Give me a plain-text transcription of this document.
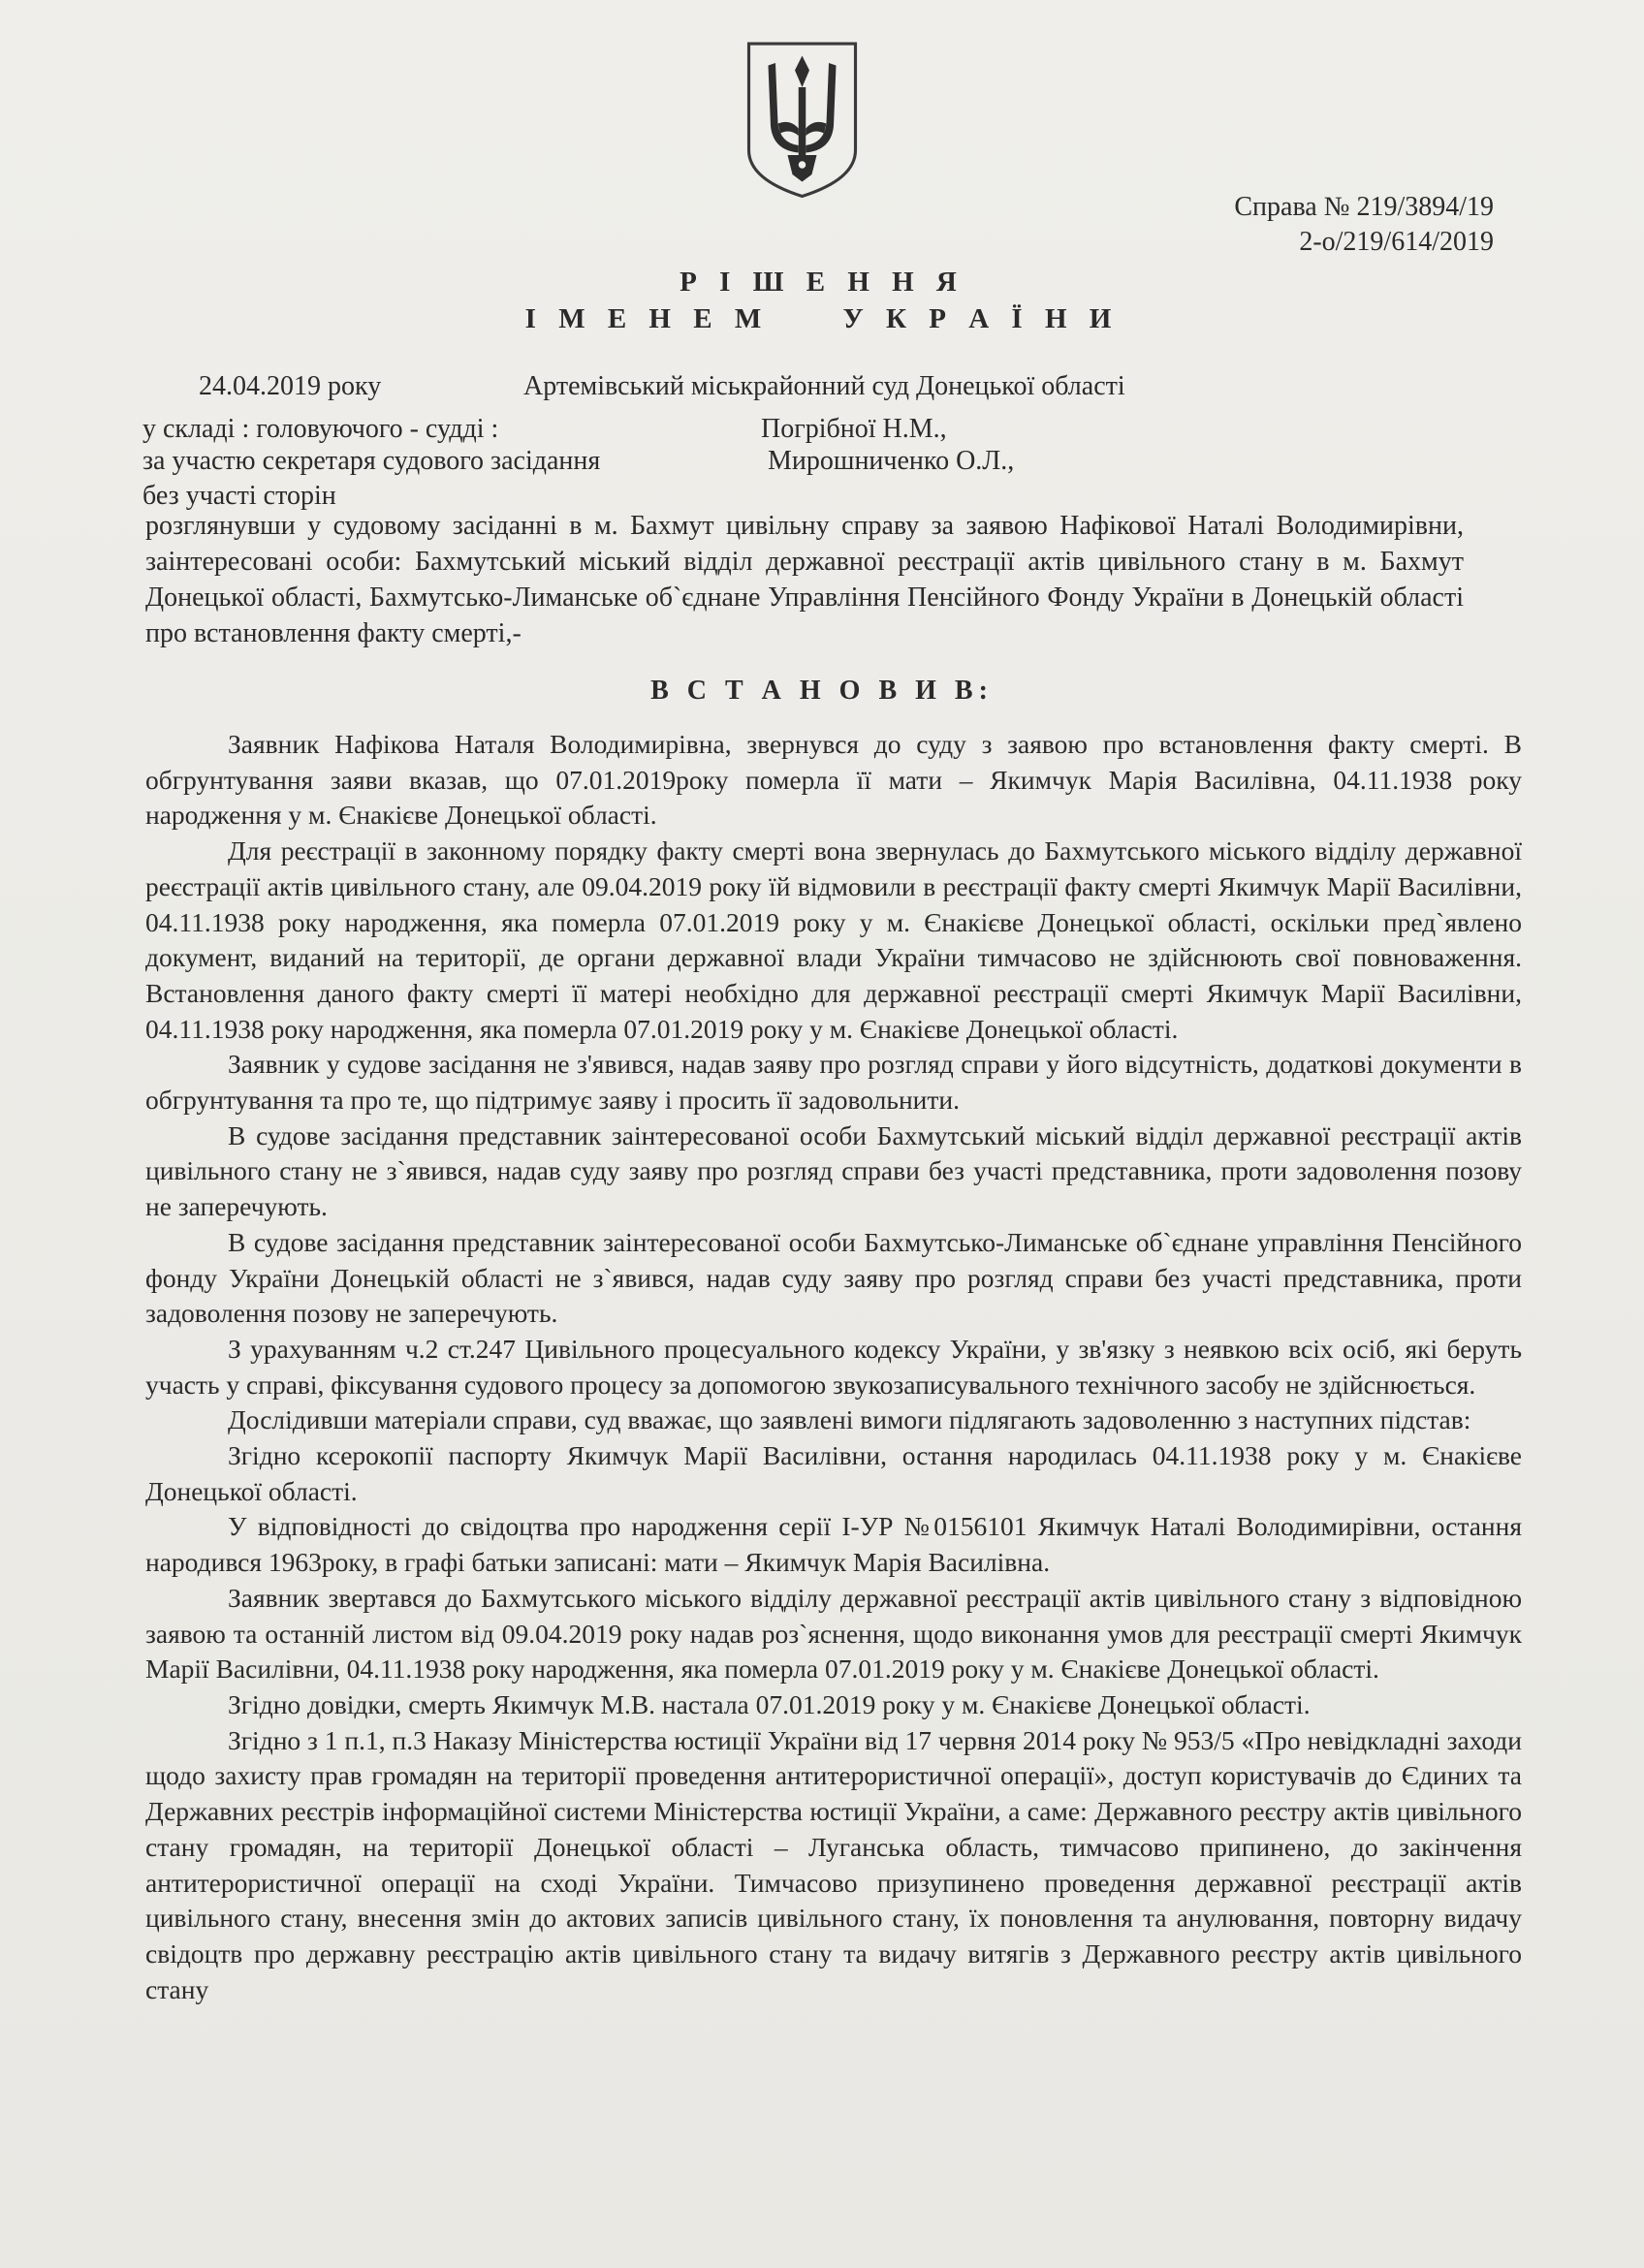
Справа № 219/3894/19
2-о/219/614/2019
Р І Ш Е Н Н Я
І М Е Н Е М     У К Р А Ї Н И
24.04.2019 року	Артемівський міськрайонний суд Донецької області
у складі : головуючого - судді :	Погрібної Н.М.,
за участю секретаря судового засідання	Мирошниченко О.Л.,
без участі сторін
розглянувши у судовому засіданні в м. Бахмут цивільну справу за заявою Нафікової Наталі Володимирівни, заінтересовані особи: Бахмутський міський відділ державної реєстрації актів цивільного стану в м. Бахмут Донецької області, Бахмутсько-Лиманське об`єднане Управління Пенсійного Фонду України в Донецькій області про встановлення факту смерті,-
В С Т А Н О В И В:

Заявник Нафікова Наталя Володимирівна, звернувся до суду з заявою про встановлення факту смерті. В обгрунтування заяви вказав, що 07.01.2019року померла її мати – Якимчук Марія Василівна, 04.11.1938 року народження у м. Єнакієве Донецької області.

Для реєстрації в законному порядку факту смерті вона звернулась до Бахмутського міського відділу державної реєстрації актів цивільного стану, але 09.04.2019 року їй відмовили в реєстрації факту смерті Якимчук Марії Василівни, 04.11.1938 року народження, яка померла 07.01.2019 року у м. Єнакієве Донецької області, оскільки пред`явлено документ, виданий на території, де органи державної влади України тимчасово не здійснюють свої повноваження. Встановлення даного факту смерті її матері необхідно для державної реєстрації смерті Якимчук Марії Василівни, 04.11.1938 року народження, яка померла 07.01.2019 року у м. Єнакієве Донецької області.

Заявник у судове засідання не з'явився, надав заяву про розгляд справи у його відсутність, додаткові документи в обгрунтування та про те, що підтримує заяву і просить її задовольнити.

В судове засідання представник заінтересованої особи Бахмутський міський відділ державної реєстрації актів цивільного стану не з`явився, надав суду заяву про розгляд справи без участі представника, проти задоволення позову не заперечують.

В судове засідання представник заінтересованої особи Бахмутсько-Лиманське об`єднане управління Пенсійного фонду України Донецькій області не з`явився, надав суду заяву про розгляд справи без участі представника, проти задоволення позову не заперечують.

З урахуванням ч.2 ст.247 Цивільного процесуального кодексу України, у зв'язку з неявкою всіх осіб, які беруть участь у справі, фіксування судового процесу за допомогою звукозаписувального технічного засобу не здійснюється.

Дослідивши матеріали справи, суд вважає, що заявлені вимоги підлягають задоволенню з наступних підстав:

Згідно ксерокопії паспорту Якимчук Марії Василівни, остання народилась 04.11.1938 року у м. Єнакієве Донецької області.

У відповідності до свідоцтва про народження серії І-УР №0156101 Якимчук Наталі Володимирівни, остання народився 1963року, в графі батьки записані: мати – Якимчук Марія Василівна.

Заявник звертався до Бахмутського міського відділу державної реєстрації актів цивільного стану з відповідною заявою та останній листом від 09.04.2019 року надав роз`яснення, щодо виконання умов для реєстрації смерті Якимчук Марії Василівни, 04.11.1938 року народження, яка померла 07.01.2019 року у м. Єнакієве Донецької області.

Згідно довідки, смерть Якимчук М.В. настала 07.01.2019 року у м. Єнакієве Донецької області.

Згідно з 1 п.1, п.3 Наказу Міністерства юстиції України від 17 червня 2014 року № 953/5 «Про невідкладні заходи щодо захисту прав громадян на території проведення антитерористичної операції», доступ користувачів до Єдиних та Державних реєстрів інформаційної системи Міністерства юстиції України, а саме: Державного реєстру актів цивільного стану громадян, на території Донецької області – Луганська область, тимчасово припинено, до закінчення антитерористичної операції на сході України. Тимчасово призупинено проведення державної реєстрації актів цивільного стану, внесення змін до актових записів цивільного стану, їх поновлення та анулювання, повторну видачу свідоцтв про державну реєстрацію актів цивільного стану та видачу витягів з Державного реєстру актів цивільного стану
